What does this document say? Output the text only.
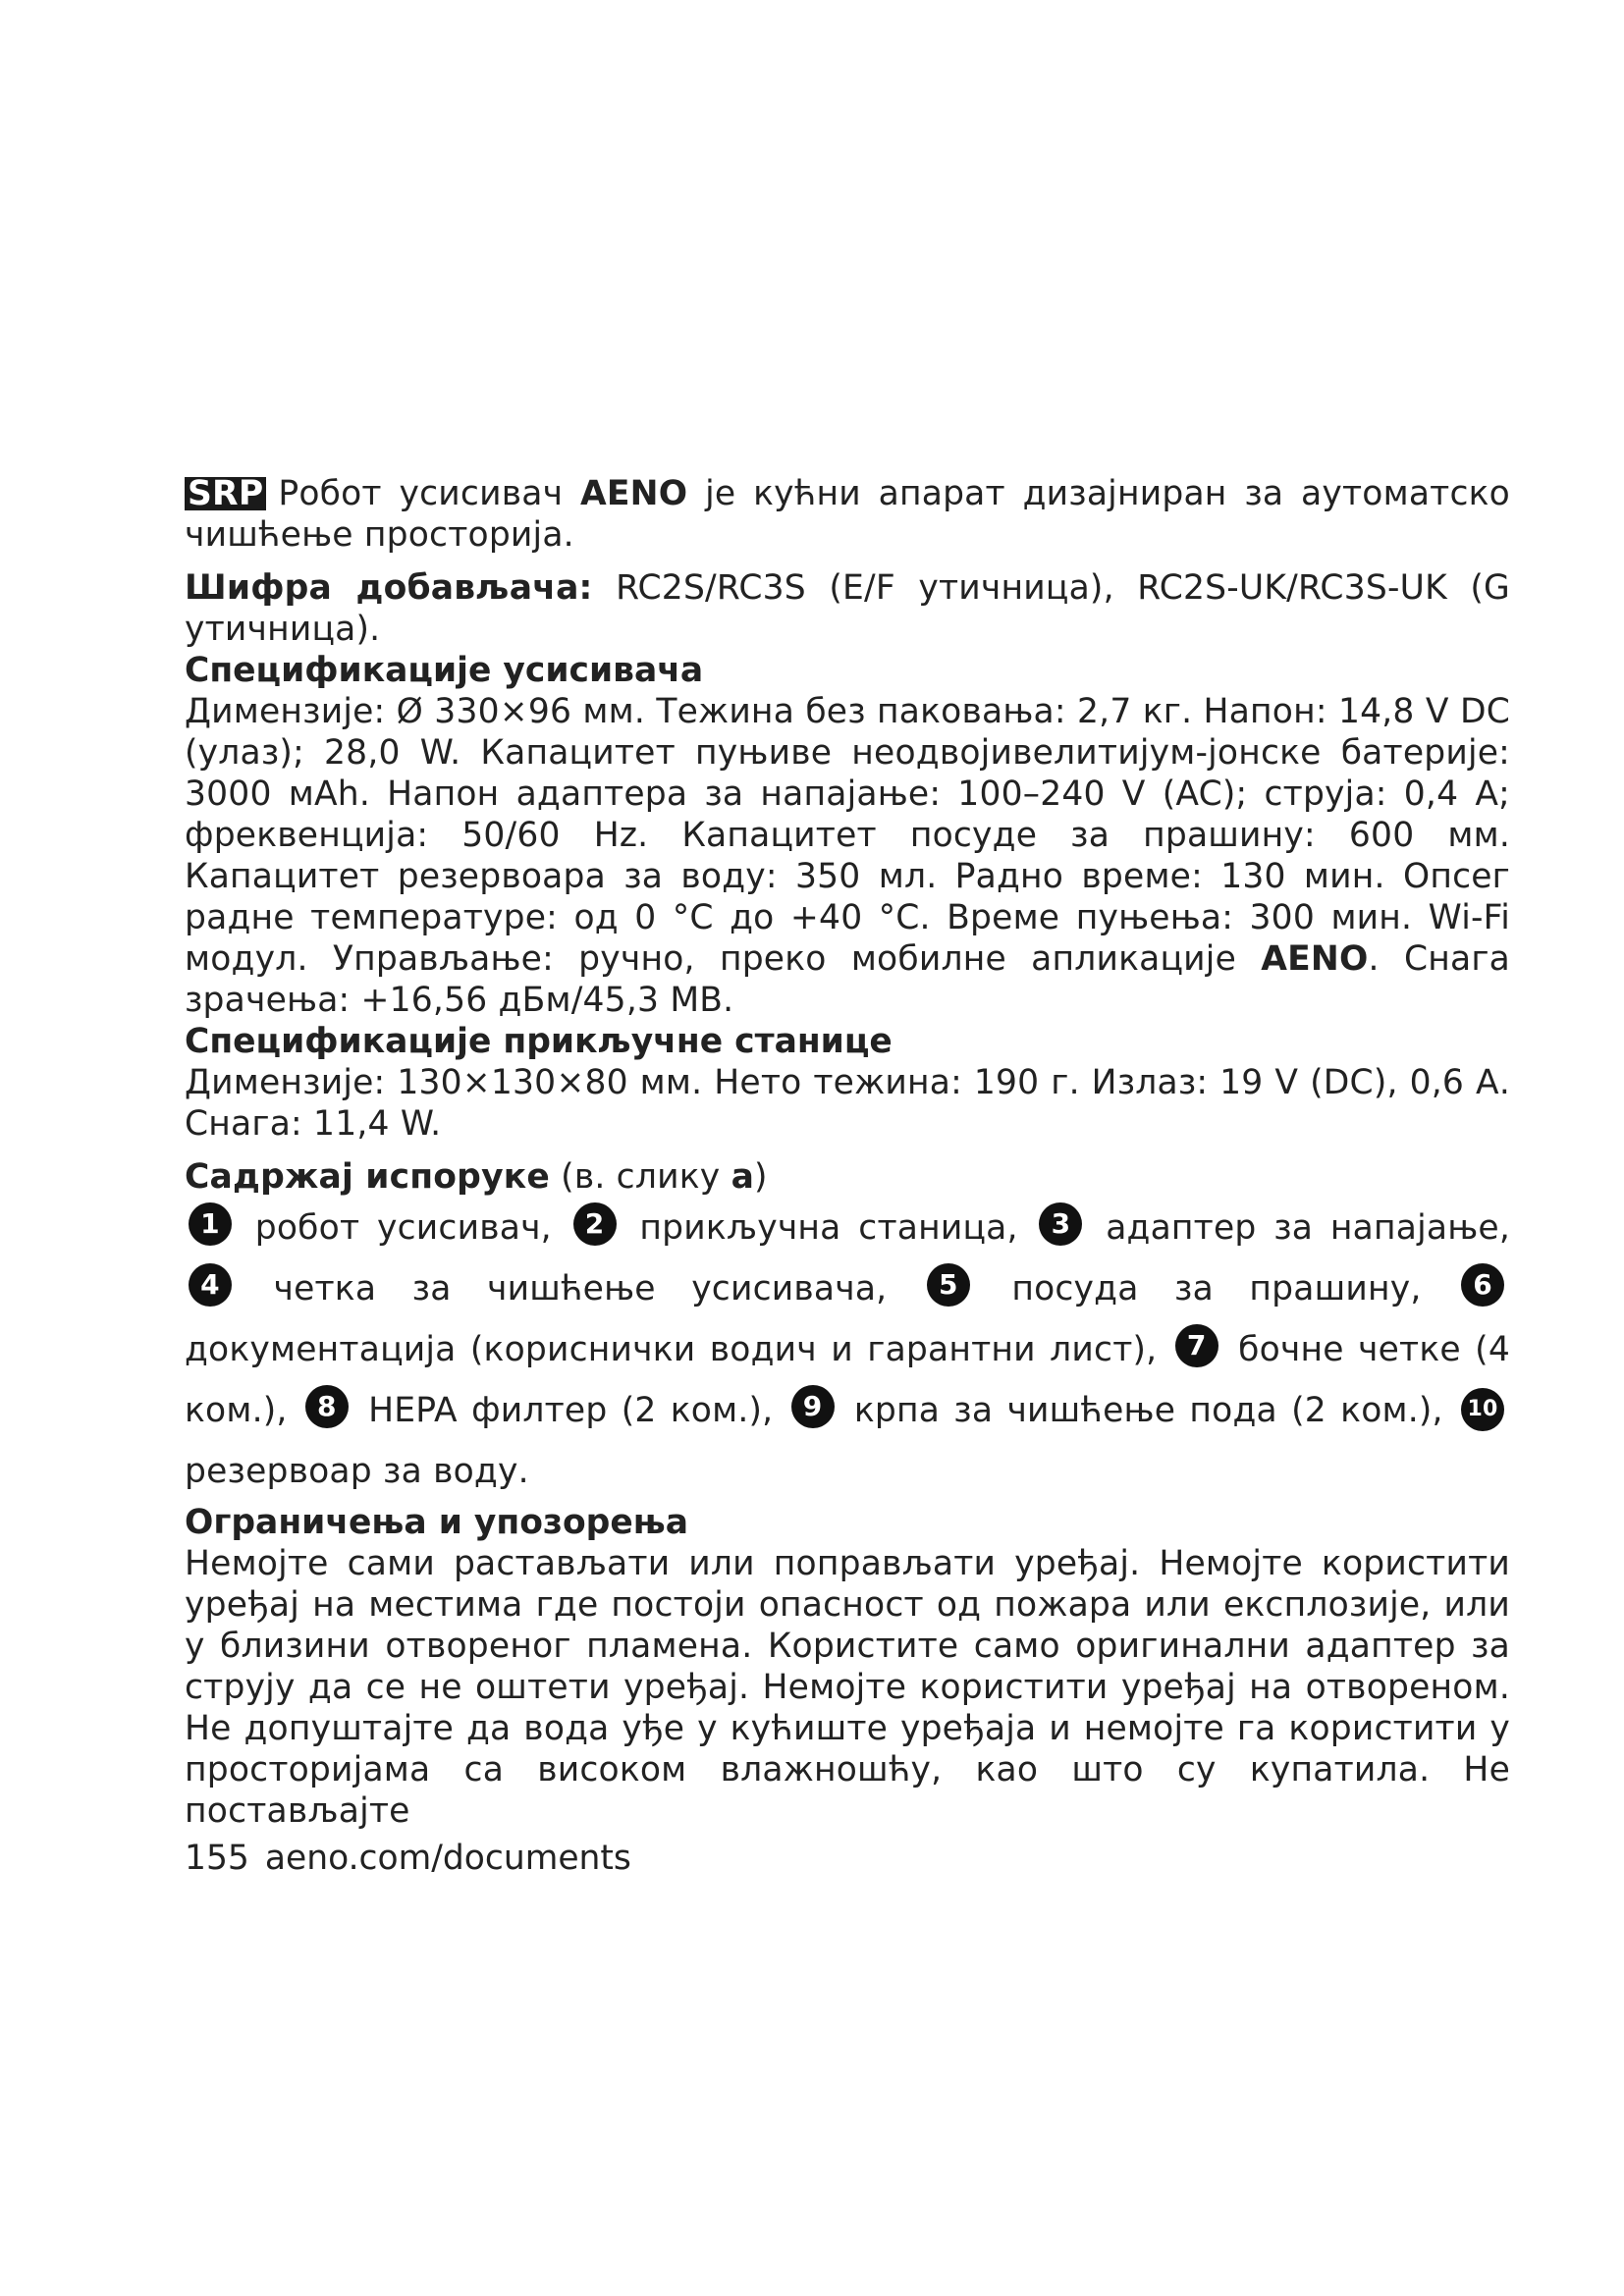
SRP Робот усисивач AENO је кућни апарат дизајниран за аутоматско чишћење просторија.

Шифра добављача: RC2S/RC3S (E/F утичница), RC2S-UK/RC3S-UK (G утичница).

Спецификације усисивача

Димензије: Ø 330×96 мм. Тежина без паковања: 2,7 кг. Напон: 14,8 V DC (улаз); 28,0 W. Капацитет пуњиве неодвојивелитијум-јонске батерије: 3000 мАh. Напон адаптера за напајање: 100–240 V (AC); струја: 0,4 А; фреквенција: 50/60 Hz. Капацитет посуде за прашину: 600 мм. Капацитет резервоара за воду: 350 мл. Радно време: 130 мин. Опсег радне температуре: од 0 °C до +40 °C. Време пуњења: 300 мин. Wi-Fi модул. Управљање: ручно, преко мобилне апликације AENO. Снага зрачења: +16,56 дБм/45,3 МВ.

Спецификације прикључне станице

Димензије: 130×130×80 мм. Нето тежина: 190 г. Излаз: 19 V (DC), 0,6 А. Снага: 11,4 W.

Садржај испоруке (в. слику а)

1 робот усисивач, 2 прикључна станица, 3 адаптер за напајање, 4 четка за чишћење усисивача, 5 посуда за прашину, 6 документација (кориснички водич и гарантни лист), 7 бочне четке (4 ком.), 8 HEPA филтер (2 ком.), 9 крпа за чишћење пода (2 ком.), 10 резервоар за воду.

Ограничења и упозорења

Немојте сами растављати или поправљати уређај. Немојте користити уређај на местима где постоји опасност од пожара или експлозије, или у близини отвореног пламена. Користите само оригинални адаптер за струју да се не оштети уређај. Немојте користити уређај на отвореном. Не допуштајте да вода уђе у кућиште уређаја и немојте га користити у просторијама са високом влажношћу, као што су купатила. Не постављајте

155 aeno.com/documents
